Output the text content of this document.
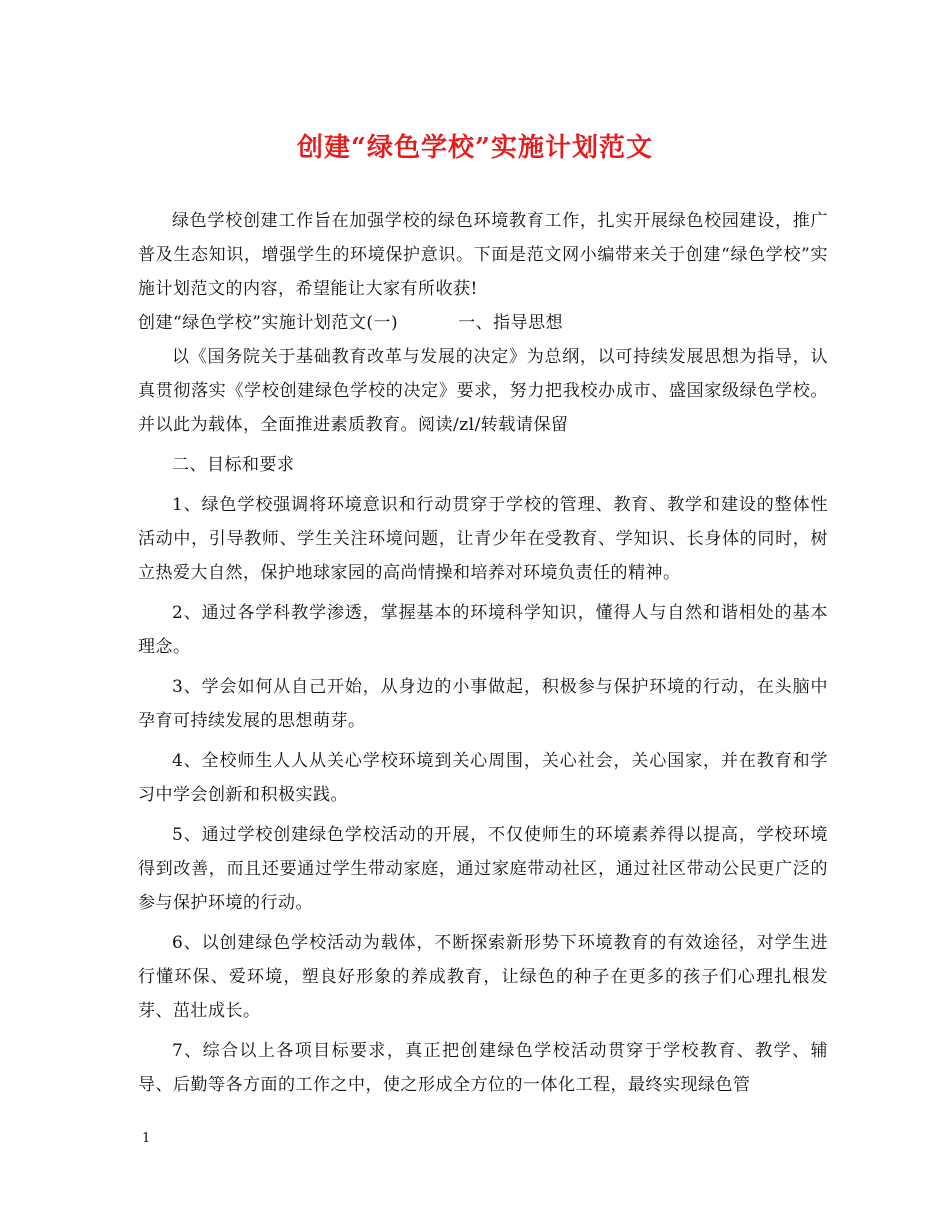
创建“绿色学校”实施计划范文

绿色学校创建工作旨在加强学校的绿色环境教育工作，扎实开展绿色校园建设，推广普及生态知识，增强学生的环境保护意识。下面是范文网小编带来关于创建“绿色学校”实施计划范文的内容，希望能让大家有所收获!

创建“绿色学校”实施计划范文(一)	一、指导思想

以《国务院关于基础教育改革与发展的决定》为总纲，以可持续发展思想为指导，认真贯彻落实《学校创建绿色学校的决定》要求，努力把我校办成市、盛国家级绿色学校。并以此为载体，全面推进素质教育。阅读/zl/转载请保留

二、目标和要求

1、绿色学校强调将环境意识和行动贯穿于学校的管理、教育、教学和建设的整体性活动中，引导教师、学生关注环境问题，让青少年在受教育、学知识、长身体的同时，树立热爱大自然，保护地球家园的高尚情操和培养对环境负责任的精神。

2、通过各学科教学渗透，掌握基本的环境科学知识，懂得人与自然和谐相处的基本理念。

3、学会如何从自己开始，从身边的小事做起，积极参与保护环境的行动，在头脑中孕育可持续发展的思想萌芽。

4、全校师生人人从关心学校环境到关心周围，关心社会，关心国家，并在教育和学习中学会创新和积极实践。

5、通过学校创建绿色学校活动的开展，不仅使师生的环境素养得以提高，学校环境得到改善，而且还要通过学生带动家庭，通过家庭带动社区，通过社区带动公民更广泛的参与保护环境的行动。

6、以创建绿色学校活动为载体，不断探索新形势下环境教育的有效途径，对学生进行懂环保、爱环境，塑良好形象的养成教育，让绿色的种子在更多的孩子们心理扎根发芽、茁壮成长。

7、综合以上各项目标要求，真正把创建绿色学校活动贯穿于学校教育、教学、辅导、后勤等各方面的工作之中，使之形成全方位的一体化工程，最终实现绿色管

1
